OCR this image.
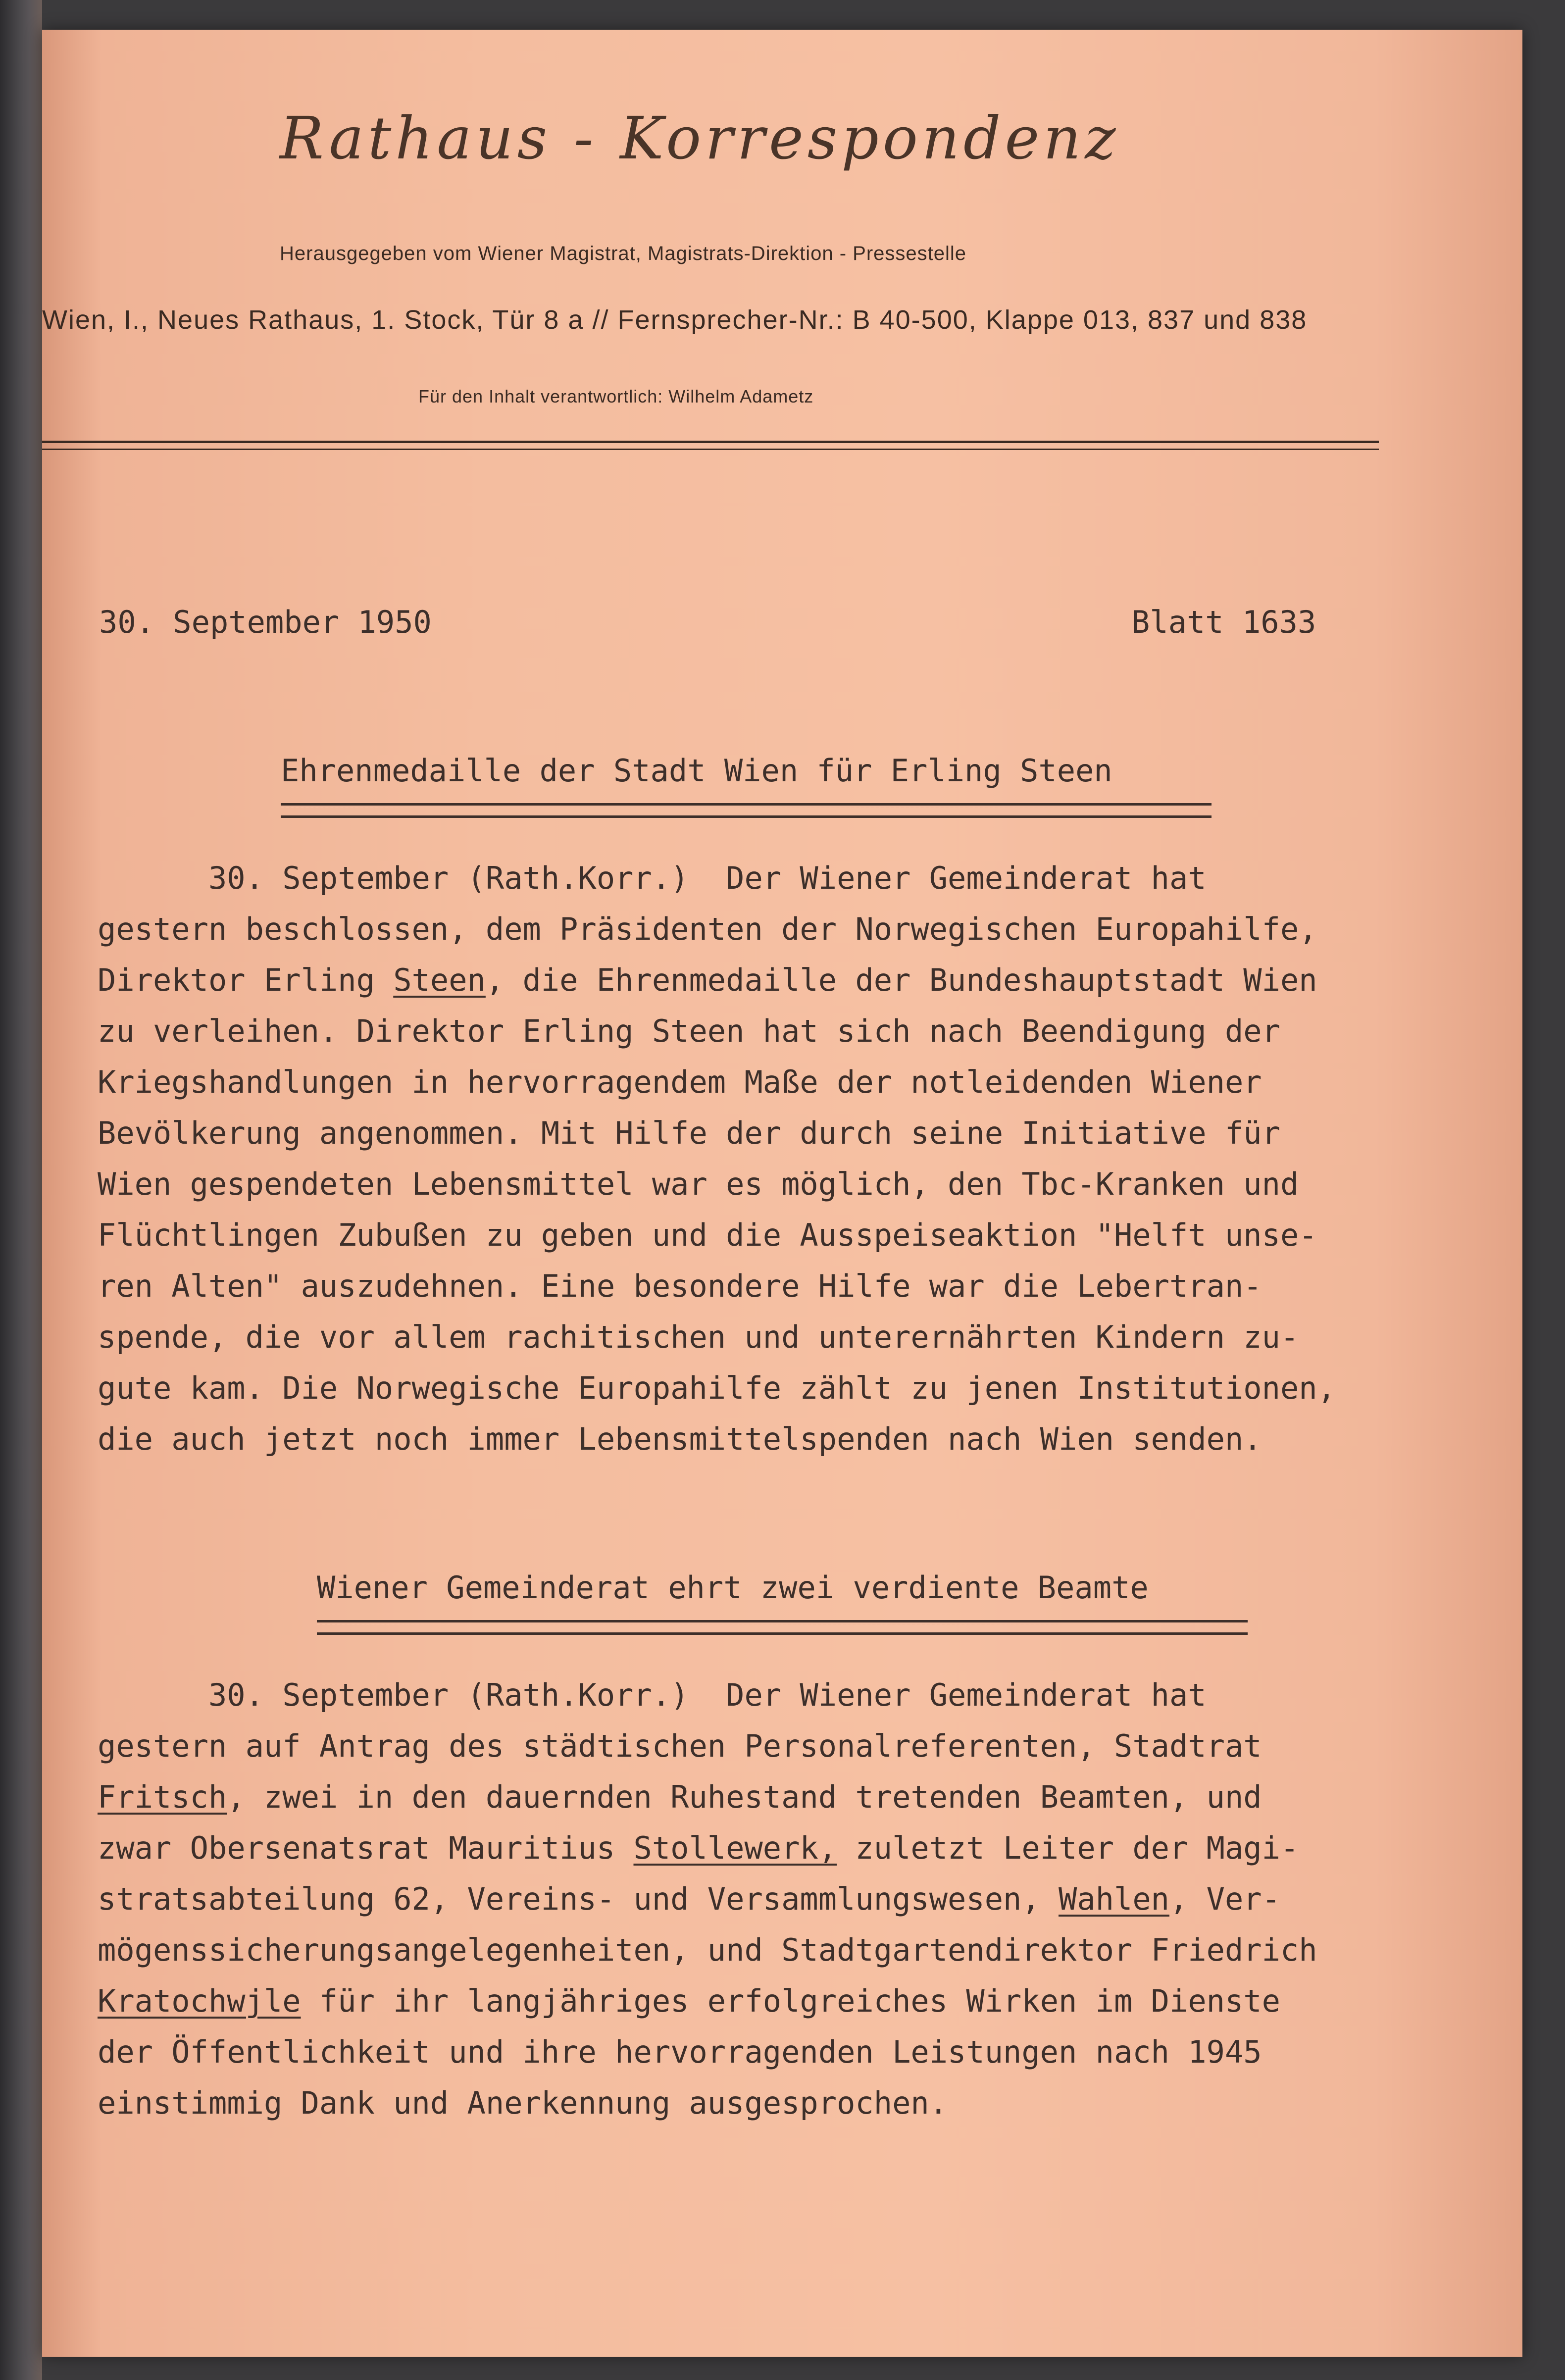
Rathaus - Korrespondenz
Herausgegeben vom Wiener Magistrat, Magistrats-Direktion - Pressestelle
Wien, I., Neues Rathaus, 1. Stock, Tür 8 a // Fernsprecher-Nr.: B 40-500, Klappe 013, 837 und 838
Für den Inhalt verantwortlich: Wilhelm Adametz
30. September 1950	Blatt 1633
Ehrenmedaille der Stadt Wien für Erling Steen
30. September (Rath.Korr.)  Der Wiener Gemeinderat hat
gestern beschlossen, dem Präsidenten der Norwegischen Europahilfe,
Direktor Erling Steen, die Ehrenmedaille der Bundeshauptstadt Wien
zu verleihen. Direktor Erling Steen hat sich nach Beendigung der
Kriegshandlungen in hervorragendem Maße der notleidenden Wiener
Bevölkerung angenommen. Mit Hilfe der durch seine Initiative für
Wien gespendeten Lebensmittel war es möglich, den Tbc-Kranken und
Flüchtlingen Zubußen zu geben und die Ausspeiseaktion "Helft unse-
ren Alten" auszudehnen. Eine besondere Hilfe war die Lebertran-
spende, die vor allem rachitischen und unterernährten Kindern zu-
gute kam. Die Norwegische Europahilfe zählt zu jenen Institutionen,
die auch jetzt noch immer Lebensmittelspenden nach Wien senden.
Wiener Gemeinderat ehrt zwei verdiente Beamte
30. September (Rath.Korr.)  Der Wiener Gemeinderat hat
gestern auf Antrag des städtischen Personalreferenten, Stadtrat
Fritsch, zwei in den dauernden Ruhestand tretenden Beamten, und
zwar Obersenatsrat Mauritius Stollewerk, zuletzt Leiter der Magi-
stratsabteilung 62, Vereins- und Versammlungswesen, Wahlen, Ver-
mögenssicherungsangelegenheiten, und Stadtgartendirektor Friedrich
Kratochwjle für ihr langjähriges erfolgreiches Wirken im Dienste
der Öffentlichkeit und ihre hervorragenden Leistungen nach 1945
einstimmig Dank und Anerkennung ausgesprochen.
